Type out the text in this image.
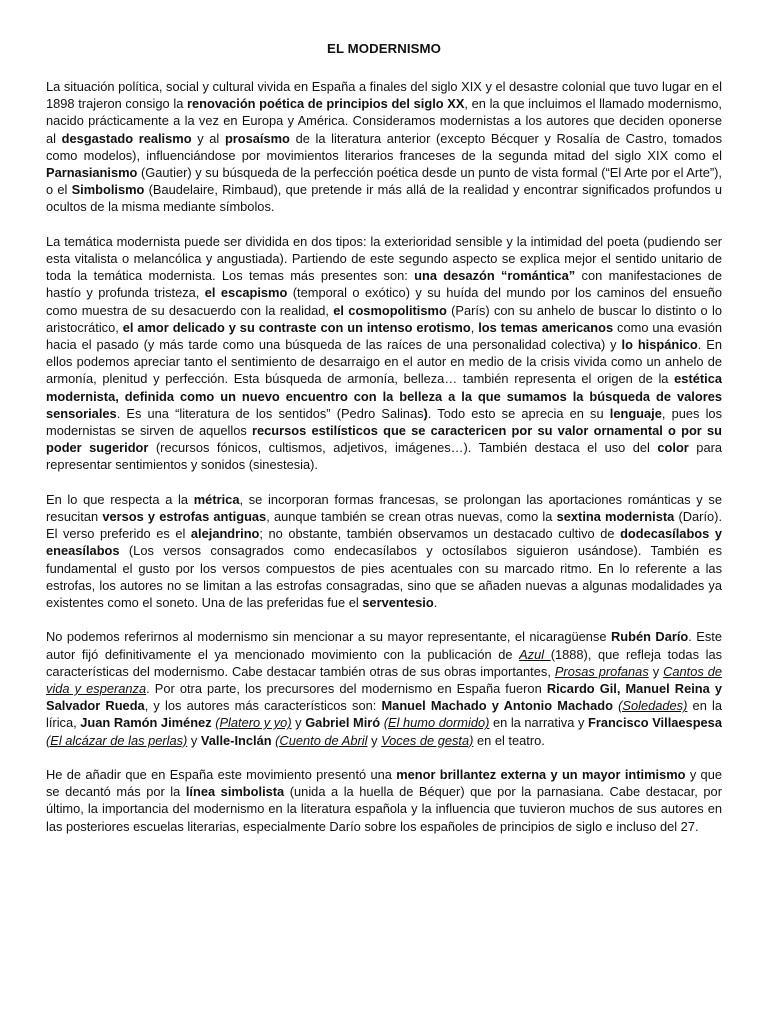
EL MODERNISMO

La situación política, social y cultural vivida en España a finales del siglo XIX y el desastre colonial que tuvo lugar en el 1898 trajeron consigo la renovación poética de principios del siglo XX, en la que incluimos el llamado modernismo, nacido prácticamente a la vez en Europa y América. Consideramos modernistas a los autores que deciden oponerse al desgastado realismo y al prosaísmo de la literatura anterior (excepto Bécquer y Rosalía de Castro, tomados como modelos), influenciándose por movimientos literarios franceses de la segunda mitad del siglo XIX como el Parnasianismo (Gautier) y su búsqueda de la perfección poética desde un punto de vista formal (“El Arte por el Arte”), o el Simbolismo (Baudelaire, Rimbaud), que pretende ir más allá de la realidad y encontrar significados profundos u ocultos de la misma mediante símbolos.

La temática modernista puede ser dividida en dos tipos: la exterioridad sensible y la intimidad del poeta (pudiendo ser esta vitalista o melancólica y angustiada). Partiendo de este segundo aspecto se explica mejor el sentido unitario de toda la temática modernista. Los temas más presentes son: una desazón “romántica” con manifestaciones de hastío y profunda tristeza, el escapismo (temporal o exótico) y su huída del mundo por los caminos del ensueño como muestra de su desacuerdo con la realidad, el cosmopolitismo (París) con su anhelo de buscar lo distinto o lo aristocrático, el amor delicado y su contraste con un intenso erotismo, los temas americanos como una evasión hacia el pasado (y más tarde como una búsqueda de las raíces de una personalidad colectiva) y lo hispánico. En ellos podemos apreciar tanto el sentimiento de desarraigo en el autor en medio de la crisis vivida como un anhelo de armonía, plenitud y perfección. Esta búsqueda de armonía, belleza… también representa el origen de la estética modernista, definida como un nuevo encuentro con la belleza a la que sumamos la búsqueda de valores sensoriales. Es una “literatura de los sentidos” (Pedro Salinas). Todo esto se aprecia en su lenguaje, pues los modernistas se sirven de aquellos recursos estilísticos que se caractericen por su valor ornamental o por su poder sugeridor (recursos fónicos, cultismos, adjetivos, imágenes…). También destaca el uso del color para representar sentimientos y sonidos (sinestesia).

En lo que respecta a la métrica, se incorporan formas francesas, se prolongan las aportaciones románticas y se resucitan versos y estrofas antiguas, aunque también se crean otras nuevas, como la sextina modernista (Darío). El verso preferido es el alejandrino; no obstante, también observamos un destacado cultivo de dodecasílabos y eneasílabos (Los versos consagrados como endecasílabos y octosílabos siguieron usándose). También es fundamental el gusto por los versos compuestos de pies acentuales con su marcado ritmo. En lo referente a las estrofas, los autores no se limitan a las estrofas consagradas, sino que se añaden nuevas a algunas modalidades ya existentes como el soneto. Una de las preferidas fue el serventesio.

No podemos referirnos al modernismo sin mencionar a su mayor representante, el nicaragüense Rubén Darío. Este autor fijó definitivamente el ya mencionado movimiento con la publicación de Azul (1888), que refleja todas las características del modernismo. Cabe destacar también otras de sus obras importantes, Prosas profanas y Cantos de vida y esperanza. Por otra parte, los precursores del modernismo en España fueron Ricardo Gil, Manuel Reina y Salvador Rueda, y los autores más característicos son: Manuel Machado y Antonio Machado (Soledades) en la lírica, Juan Ramón Jiménez (Platero y yo) y Gabriel Miró (El humo dormido) en la narrativa y Francisco Villaespesa (El alcázar de las perlas) y Valle-Inclán (Cuento de Abril y Voces de gesta) en el teatro.

He de añadir que en España este movimiento presentó una menor brillantez externa y un mayor intimismo y que se decantó más por la línea simbolista (unida a la huella de Béquer) que por la parnasiana. Cabe destacar, por último, la importancia del modernismo en la literatura española y la influencia que tuvieron muchos de sus autores en las posteriores escuelas literarias, especialmente Darío sobre los españoles de principios de siglo e incluso del 27.
